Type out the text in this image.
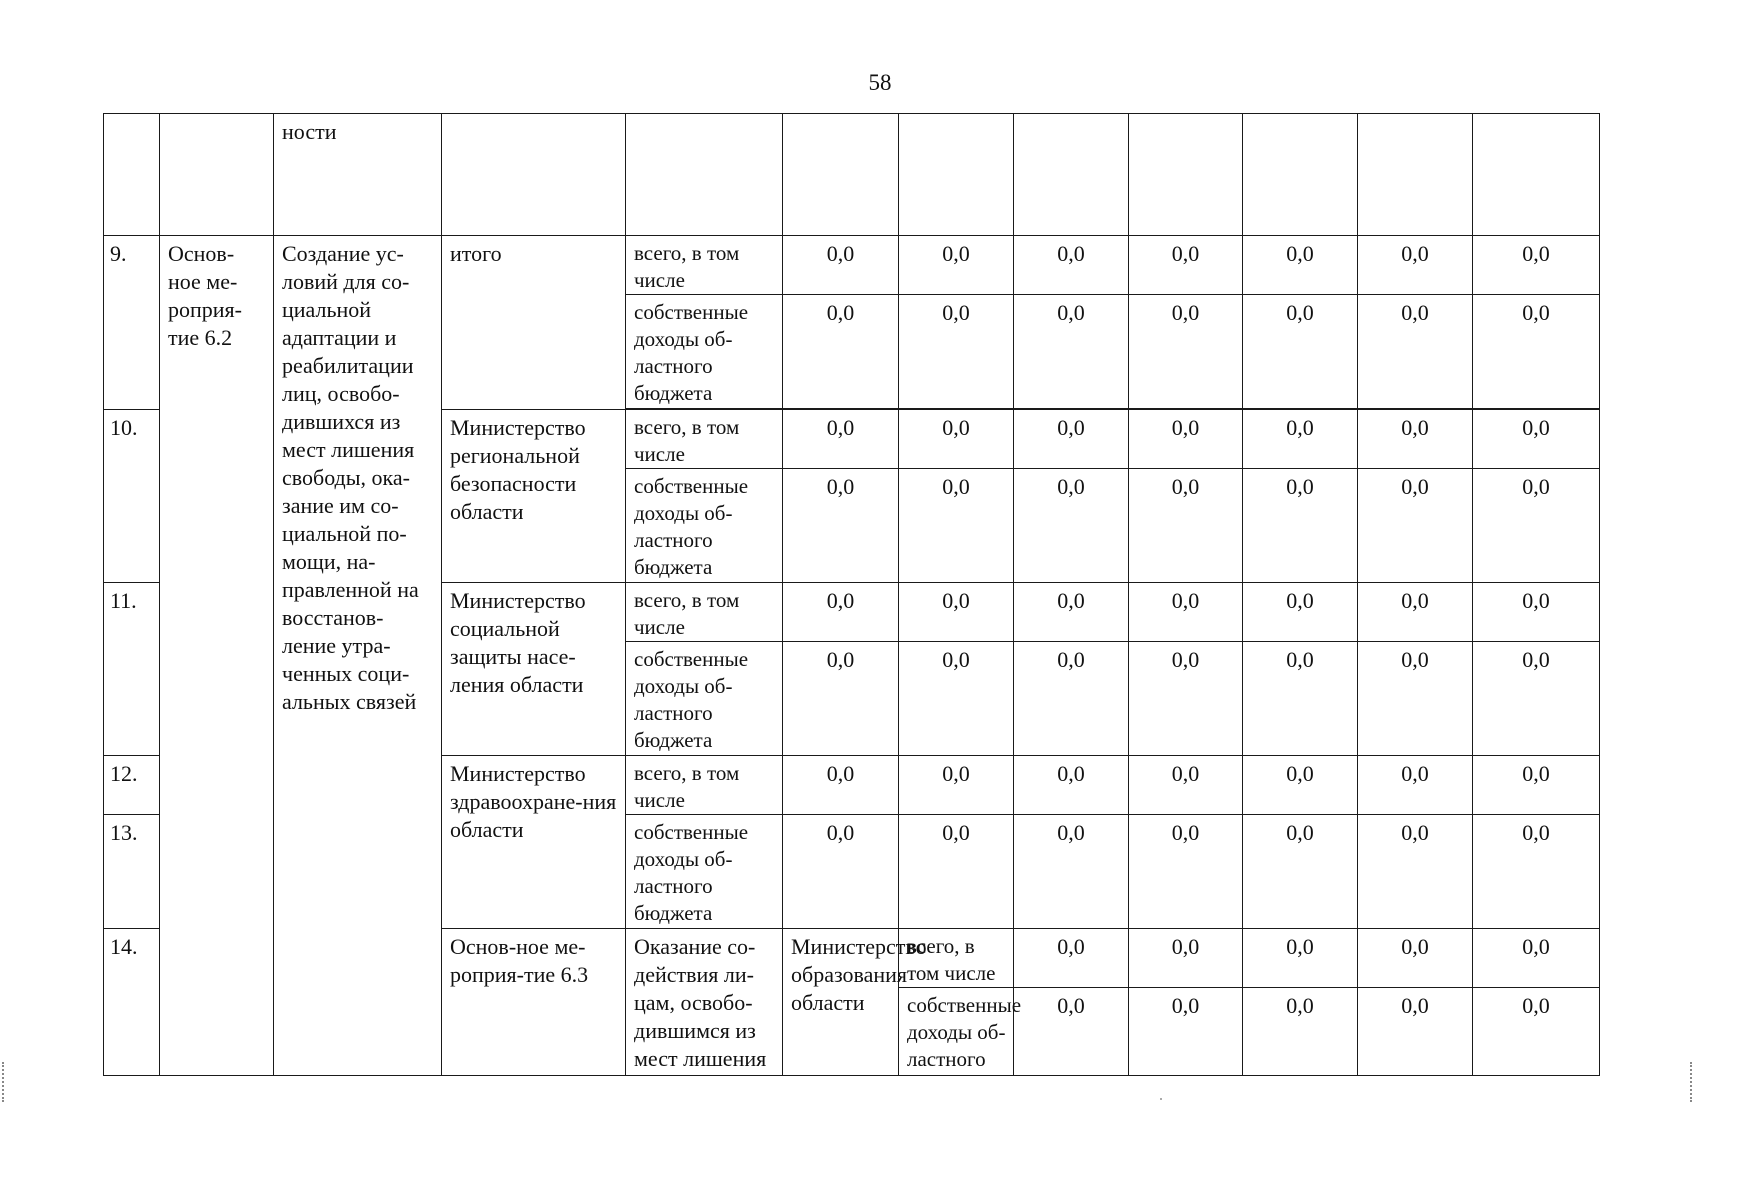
58
		ности										
9.	Основ-ное ме-роприя-тие 6.2	Создание ус-ловий для со-циальной адаптации и реабилитации лиц, освобо-дившихся из мест лишения свободы, ока-зание им со-циальной по-мощи, на-правленной на восстанов-ление утра-ченных соци-альных связей	итого	всего, в том числе	0,0	0,0	0,0	0,0	0,0	0,0	0,0	
				собственные доходы об-ластного бюджета	0,0	0,0	0,0	0,0	0,0	0,0	0,0	

10.			Министерство региональной безопасности области	всего, в том числе	0,0	0,0	0,0	0,0	0,0	0,0	0,0	
				собственные доходы об-ластного бюджета	0,0	0,0	0,0	0,0	0,0	0,0	0,0	
11.			Министерство социальной защиты насе-ления области	всего, в том числе	0,0	0,0	0,0	0,0	0,0	0,0	0,0	
				собственные доходы об-ластного бюджета	0,0	0,0	0,0	0,0	0,0	0,0	0,0	
12.			Министерство здравоохране-ния области	всего, в том числе	0,0	0,0	0,0	0,0	0,0	0,0	0,0	
13.				собственные доходы об-ластного бюджета	0,0	0,0	0,0	0,0	0,0	0,0	0,0	
14.			Основ-ное ме-роприя-тие 6.3	Оказание со-действия ли-цам, освобо-дившимся из мест лишения	Министерство образования области	всего, в том числе	0,0	0,0	0,0	0,0	0,0		
						собственные доходы об-ластного	0,0	0,0	0,0	0,0	0,0		
